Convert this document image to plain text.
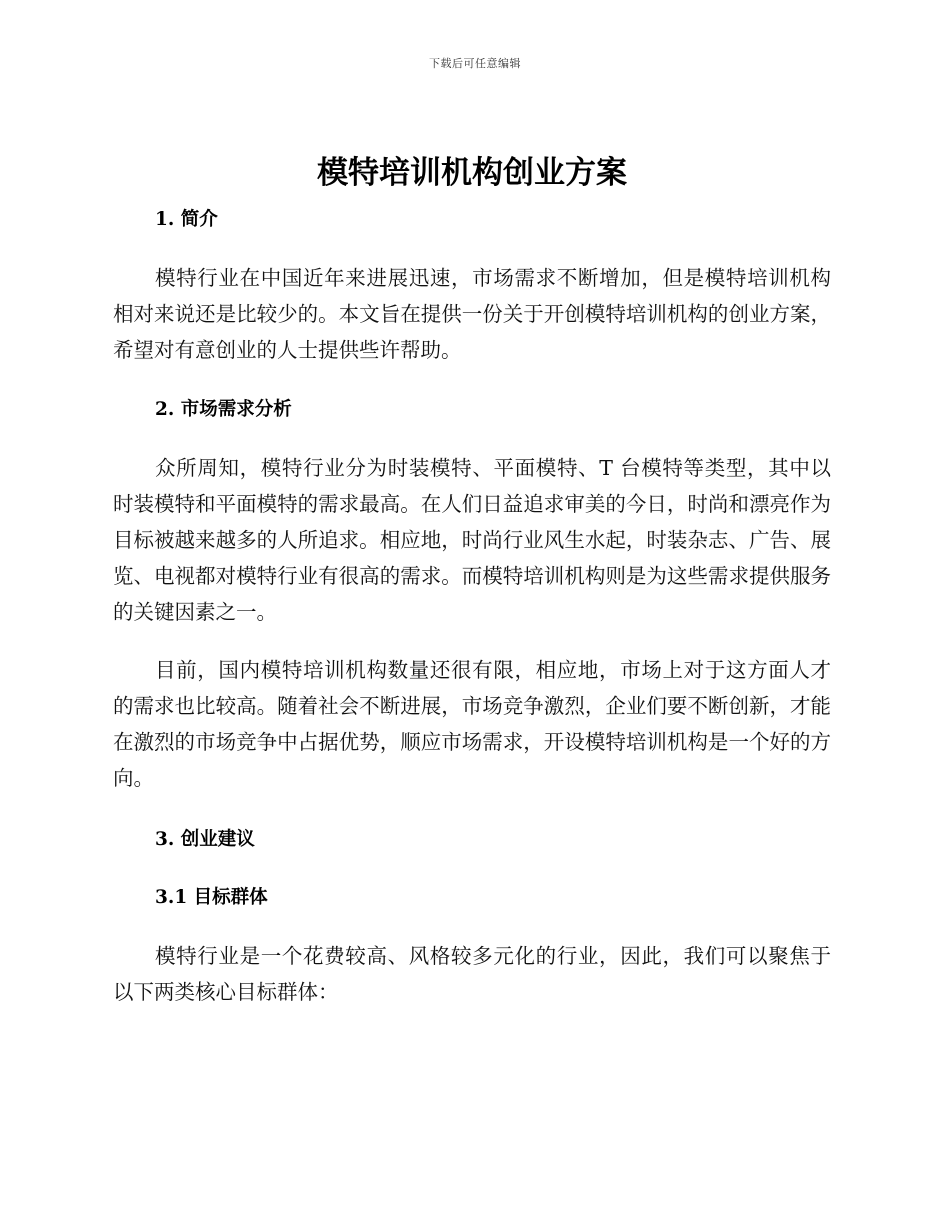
下载后可任意编辑
模特培训机构创业方案
1. 简介

模特行业在中国近年来进展迅速，市场需求不断增加，但是模特培训机构相对来说还是比较少的。本文旨在提供一份关于开创模特培训机构的创业方案，希望对有意创业的人士提供些许帮助。

2. 市场需求分析

众所周知，模特行业分为时装模特、平面模特、T 台模特等类型，其中以时装模特和平面模特的需求最高。在人们日益追求审美的今日，时尚和漂亮作为目标被越来越多的人所追求。相应地，时尚行业风生水起，时装杂志、广告、展览、电视都对模特行业有很高的需求。而模特培训机构则是为这些需求提供服务的关键因素之一。

目前，国内模特培训机构数量还很有限，相应地，市场上对于这方面人才的需求也比较高。随着社会不断进展，市场竞争激烈，企业们要不断创新，才能在激烈的市场竞争中占据优势，顺应市场需求，开设模特培训机构是一个好的方向。

3. 创业建议
3.1 目标群体

模特行业是一个花费较高、风格较多元化的行业，因此，我们可以聚焦于以下两类核心目标群体：
